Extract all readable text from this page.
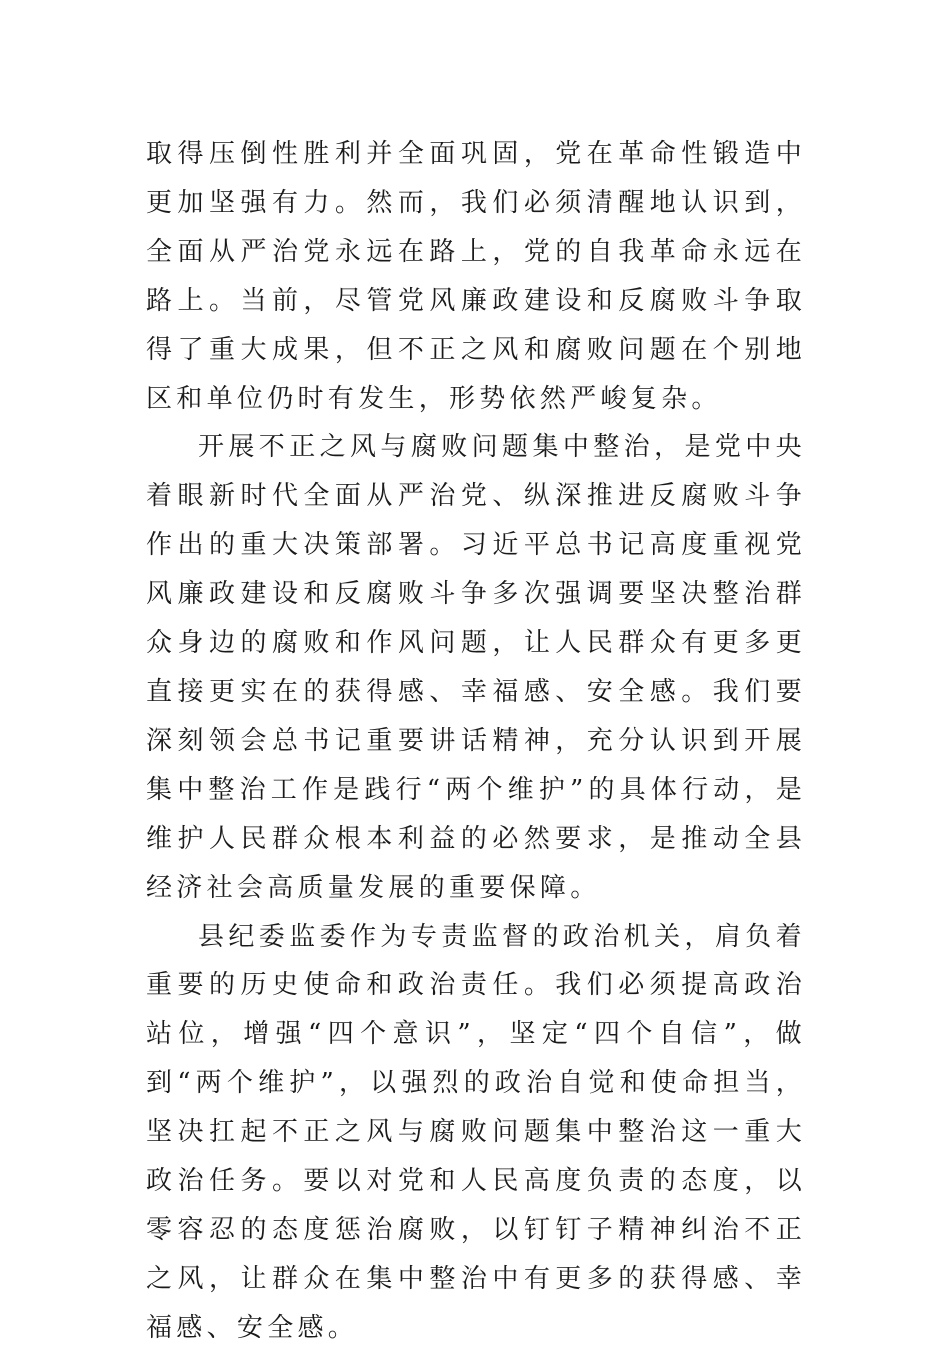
取得压倒性胜利并全面巩固，党在革命性锻造中更加坚强有力。然而，我们必须清醒地认识到，全面从严治党永远在路上，党的自我革命永远在路上。当前，尽管党风廉政建设和反腐败斗争取得了重大成果，但不正之风和腐败问题在个别地区和单位仍时有发生，形势依然严峻复杂。

开展不正之风与腐败问题集中整治，是党中央着眼新时代全面从严治党、纵深推进反腐败斗争作出的重大决策部署。习近平总书记高度重视党风廉政建设和反腐败斗争多次强调要坚决整治群众身边的腐败和作风问题，让人民群众有更多更直接更实在的获得感、幸福感、安全感。我们要深刻领会总书记重要讲话精神，充分认识到开展集中整治工作是践行“两个维护”的具体行动，是维护人民群众根本利益的必然要求，是推动全县经济社会高质量发展的重要保障。

县纪委监委作为专责监督的政治机关，肩负着重要的历史使命和政治责任。我们必须提高政治站位，增强“四个意识”，坚定“四个自信”，做到“两个维护”，以强烈的政治自觉和使命担当，坚决扛起不正之风与腐败问题集中整治这一重大政治任务。要以对党和人民高度负责的态度，以零容忍的态度惩治腐败，以钉钉子精神纠治不正之风，让群众在集中整治中有更多的获得感、幸福感、安全感。
